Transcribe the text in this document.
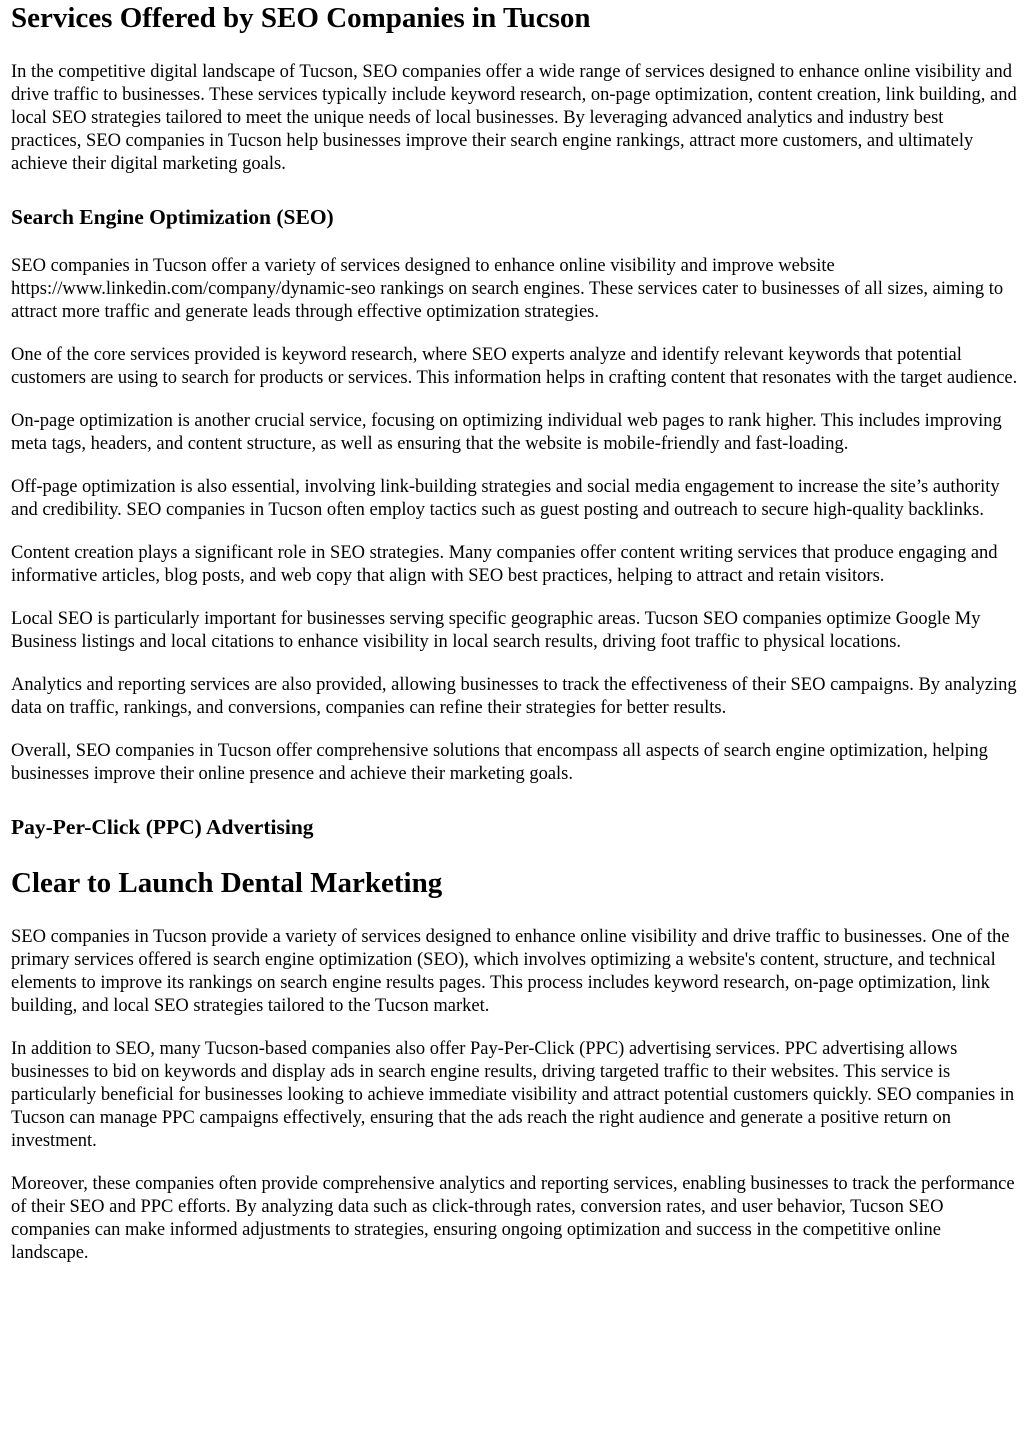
Services Offered by SEO Companies in Tucson

In the competitive digital landscape of Tucson, SEO companies offer a wide range of services designed to enhance online visibility and drive traffic to businesses. These services typically include keyword research, on-page optimization, content creation, link building, and local SEO strategies tailored to meet the unique needs of local businesses. By leveraging advanced analytics and industry best practices, SEO companies in Tucson help businesses improve their search engine rankings, attract more customers, and ultimately achieve their digital marketing goals.

Search Engine Optimization (SEO)

SEO companies in Tucson offer a variety of services designed to enhance online visibility and improve website https://www.linkedin.com/company/dynamic-seo rankings on search engines. These services cater to businesses of all sizes, aiming to attract more traffic and generate leads through effective optimization strategies.

One of the core services provided is keyword research, where SEO experts analyze and identify relevant keywords that potential customers are using to search for products or services. This information helps in crafting content that resonates with the target audience.

On-page optimization is another crucial service, focusing on optimizing individual web pages to rank higher. This includes improving meta tags, headers, and content structure, as well as ensuring that the website is mobile-friendly and fast-loading.

Off-page optimization is also essential, involving link-building strategies and social media engagement to increase the site’s authority and credibility. SEO companies in Tucson often employ tactics such as guest posting and outreach to secure high-quality backlinks.

Content creation plays a significant role in SEO strategies. Many companies offer content writing services that produce engaging and informative articles, blog posts, and web copy that align with SEO best practices, helping to attract and retain visitors.

Local SEO is particularly important for businesses serving specific geographic areas. Tucson SEO companies optimize Google My Business listings and local citations to enhance visibility in local search results, driving foot traffic to physical locations.

Analytics and reporting services are also provided, allowing businesses to track the effectiveness of their SEO campaigns. By analyzing data on traffic, rankings, and conversions, companies can refine their strategies for better results.

Overall, SEO companies in Tucson offer comprehensive solutions that encompass all aspects of search engine optimization, helping businesses improve their online presence and achieve their marketing goals.

Pay-Per-Click (PPC) Advertising
Clear to Launch Dental Marketing

SEO companies in Tucson provide a variety of services designed to enhance online visibility and drive traffic to businesses. One of the primary services offered is search engine optimization (SEO), which involves optimizing a website's content, structure, and technical elements to improve its rankings on search engine results pages. This process includes keyword research, on-page optimization, link building, and local SEO strategies tailored to the Tucson market.

In addition to SEO, many Tucson-based companies also offer Pay-Per-Click (PPC) advertising services. PPC advertising allows businesses to bid on keywords and display ads in search engine results, driving targeted traffic to their websites. This service is particularly beneficial for businesses looking to achieve immediate visibility and attract potential customers quickly. SEO companies in Tucson can manage PPC campaigns effectively, ensuring that the ads reach the right audience and generate a positive return on investment.

Moreover, these companies often provide comprehensive analytics and reporting services, enabling businesses to track the performance of their SEO and PPC efforts. By analyzing data such as click-through rates, conversion rates, and user behavior, Tucson SEO companies can make informed adjustments to strategies, ensuring ongoing optimization and success in the competitive online landscape.
